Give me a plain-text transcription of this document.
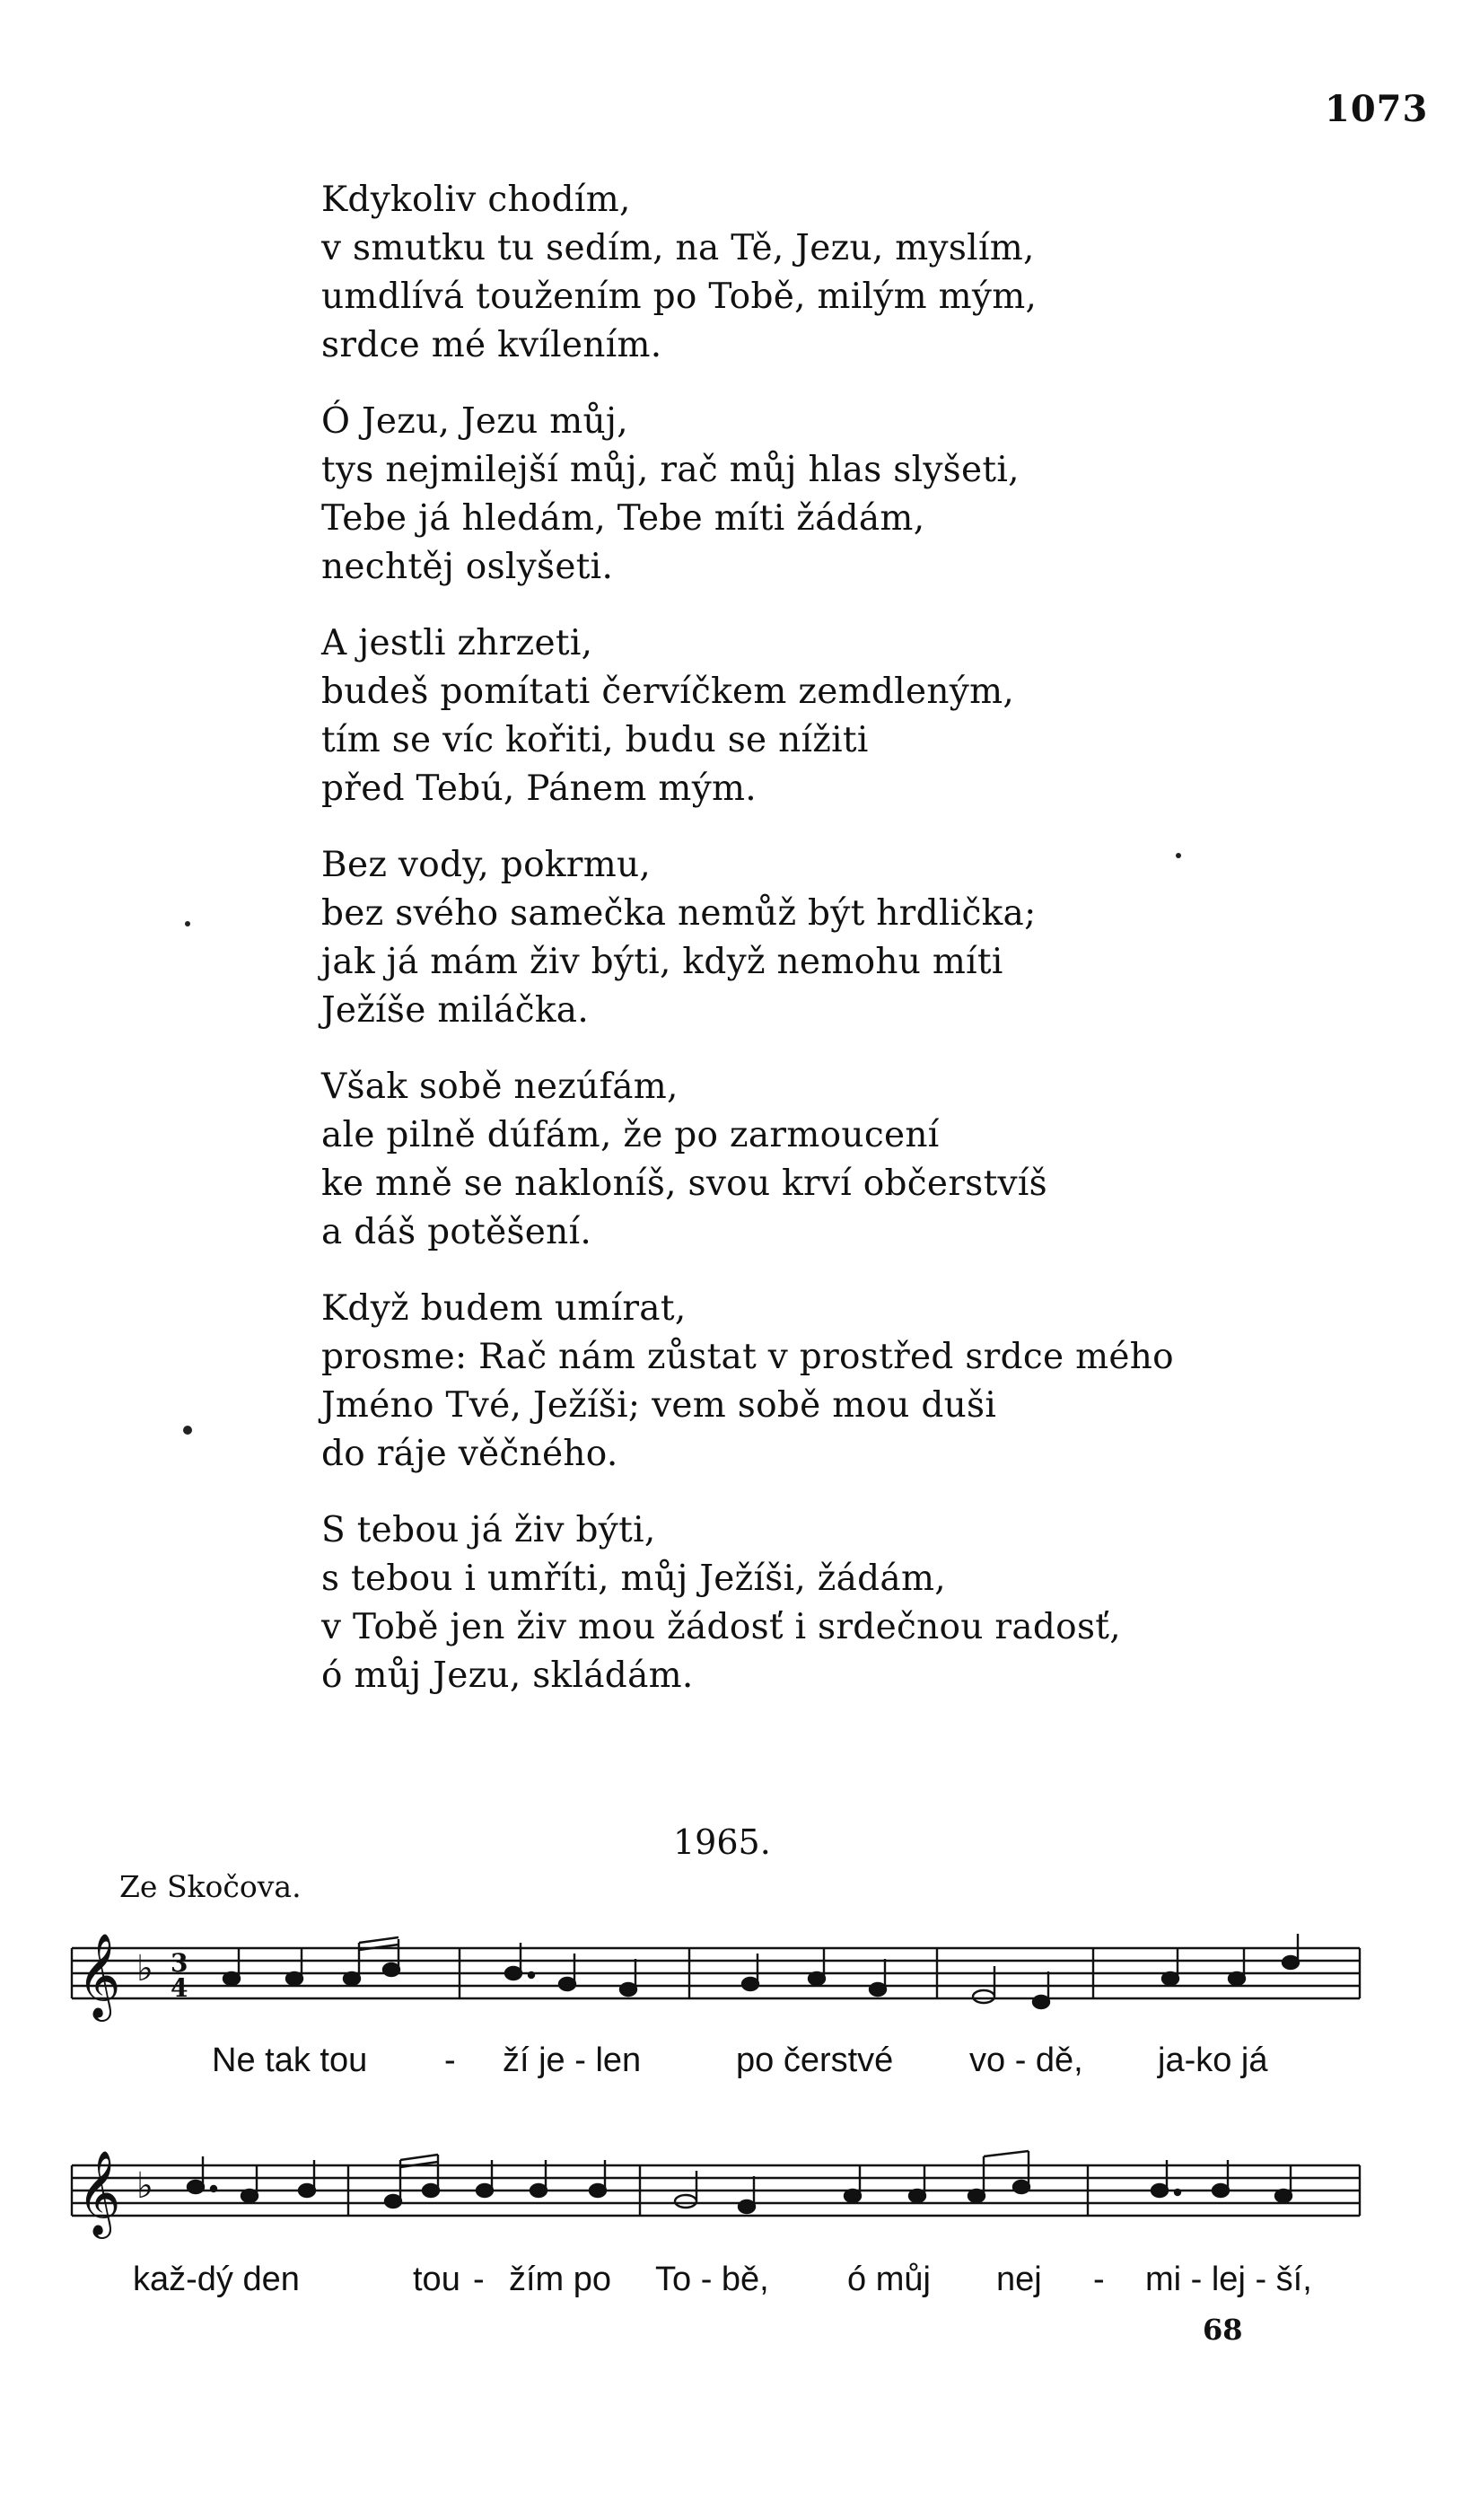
1073
Kdykoliv chodím,
v smutku tu sedím, na Tě, Jezu, myslím,
umdlívá toužením po Tobě, milým mým,
srdce mé kvílením.
Ó Jezu, Jezu můj,
tys nejmilejší můj, rač můj hlas slyšeti,
Tebe já hledám, Tebe míti žádám,
nechtěj oslyšeti.
A jestli zhrzeti,
budeš pomítati červíčkem zemdleným,
tím se víc kořiti, budu se nížiti
před Tebú, Pánem mým.
Bez vody, pokrmu,
bez svého samečka nemůž být hrdlička;
jak já mám živ býti, když nemohu míti
Ježíše miláčka.
Však sobě nezúfám,
ale pilně dúfám, že po zarmoucení
ke mně se nakloníš, svou krví občerstvíš
a dáš potěšení.
Když budem umírat,
prosme: Rač nám zůstat v prostřed srdce mého
Jméno Tvé, Ježíši; vem sobě mou duši
do ráje věčného.
S tebou já živ býti,
s tebou i umříti, můj Ježíši, žádám,
v Tobě jen živ mou žádosť i srdečnou radosť,
ó můj Jezu, skládám.
1965.
Ze Skočova.
𝄞 ♭ 3
4
Ne tak tou - ží je - len	po čerstvé vo - dě, ja-ko já
𝄞 ♭
kaž-dý den	tou - žím po To - bě, ó můj nej - mi - lej - ší,
68
